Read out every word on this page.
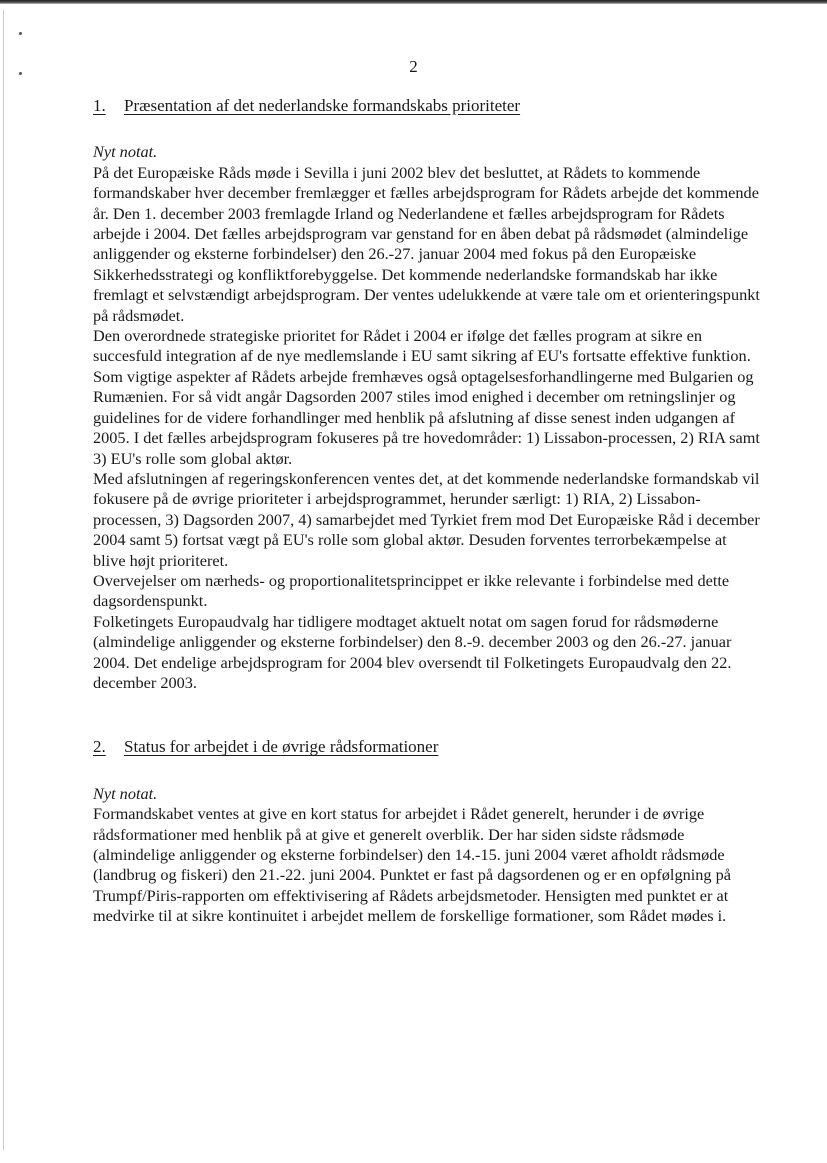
2
1.	Præsentation af det nederlandske formandskabs prioriteter
Nyt notat.

På det Europæiske Råds møde i Sevilla i juni 2002 blev det besluttet, at Rådets to kommende formandskaber hver december fremlægger et fælles arbejdsprogram for Rådets arbejde det kommende år. Den 1. december 2003 fremlagde Irland og Nederlandene et fælles arbejdsprogram for Rådets arbejde i 2004. Det fælles arbejdsprogram var genstand for en åben debat på rådsmødet (almindelige anliggender og eksterne forbindelser) den 26.-27. januar 2004 med fokus på den Europæiske Sikkerhedsstrategi og konfliktforebyggelse. Det kommende nederlandske formandskab har ikke fremlagt et selvstændigt arbejdsprogram. Der ventes udelukkende at være tale om et orienteringspunkt på rådsmødet.

Den overordnede strategiske prioritet for Rådet i 2004 er ifølge det fælles program at sikre en succesfuld integration af de nye medlemslande i EU samt sikring af EU's fortsatte effektive funktion. Som vigtige aspekter af Rådets arbejde fremhæves også optagelsesforhandlingerne med Bulgarien og Rumænien. For så vidt angår Dagsorden 2007 stiles imod enighed i december om retningslinjer og guidelines for de videre forhandlinger med henblik på afslutning af disse senest inden udgangen af 2005. I det fælles arbejdsprogram fokuseres på tre hovedområder: 1) Lissabon-processen, 2) RIA samt 3) EU's rolle som global aktør.

Med afslutningen af regeringskonferencen ventes det, at det kommende nederlandske formandskab vil fokusere på de øvrige prioriteter i arbejdsprogrammet, herunder særligt: 1) RIA, 2) Lissabon-processen, 3) Dagsorden 2007, 4) samarbejdet med Tyrkiet frem mod Det Europæiske Råd i december 2004 samt 5) fortsat vægt på EU's rolle som global aktør. Desuden forventes terrorbekæmpelse at blive højt prioriteret.

Overvejelser om nærheds- og proportionalitetsprincippet er ikke relevante i forbindelse med dette dagsordenspunkt.

Folketingets Europaudvalg har tidligere modtaget aktuelt notat om sagen forud for rådsmøderne (almindelige anliggender og eksterne forbindelser) den 8.-9. december 2003 og den 26.-27. januar 2004. Det endelige arbejdsprogram for 2004 blev oversendt til Folketingets Europaudvalg den 22. december 2003.

2.	Status for arbejdet i de øvrige rådsformationer
Nyt notat.

Formandskabet ventes at give en kort status for arbejdet i Rådet generelt, herunder i de øvrige rådsformationer med henblik på at give et generelt overblik. Der har siden sidste rådsmøde (almindelige anliggender og eksterne forbindelser) den 14.-15. juni 2004 været afholdt rådsmøde (landbrug og fiskeri) den 21.-22. juni 2004. Punktet er fast på dagsordenen og er en opfølgning på Trumpf/Piris-rapporten om effektivisering af Rådets arbejdsmetoder. Hensigten med punktet er at medvirke til at sikre kontinuitet i arbejdet mellem de forskellige formationer, som Rådet mødes i.
